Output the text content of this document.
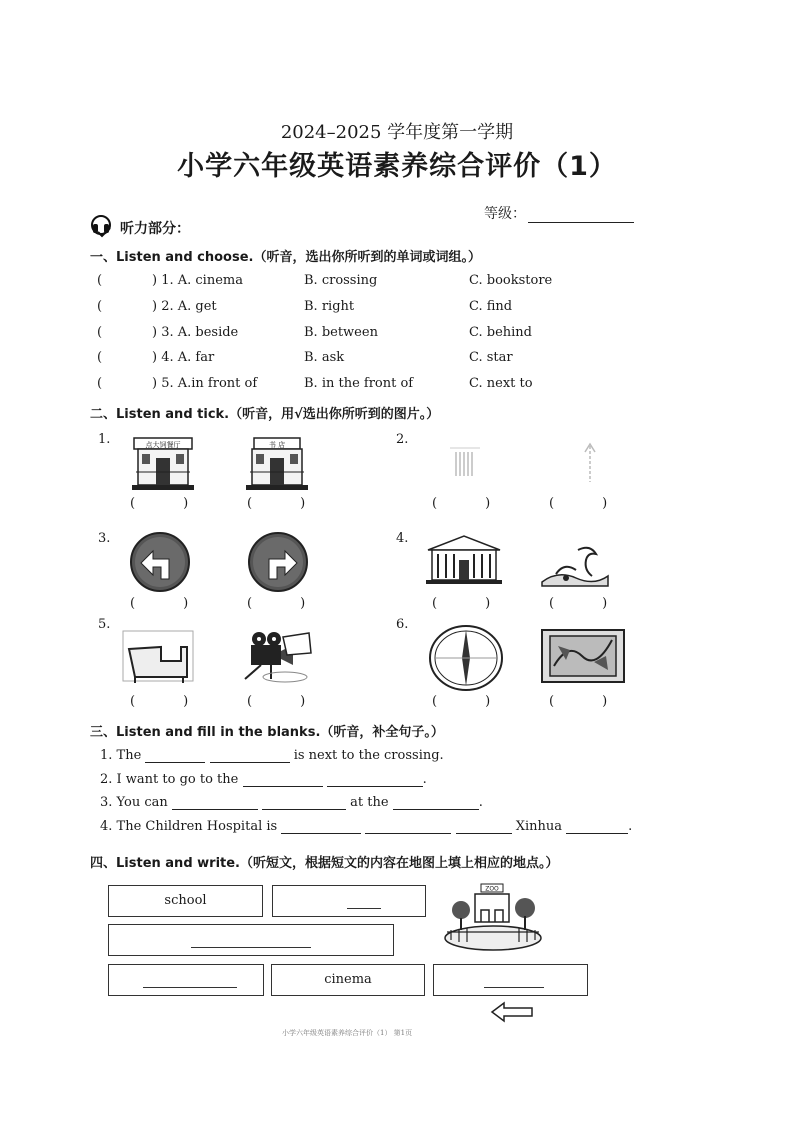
2024–2025 学年度第一学期
小学六年级英语素养综合评价（1）
听力部分：
等级：
一、Listen and choose.（听音，选出你所听到的单词或词组。）
(	) 1. A. cinema	B. crossing	C. bookstore
(	) 2. A. get	B. right	C. find
(	) 3. A. beside	B. between	C. behind
(	) 4. A. far	B. ask	C. star
(	) 5. A.in front of	B. in the front of	C. next to
二、Listen and tick.（听音，用√选出你所听到的图片。）
1.	2.
3.	4.
5.	6.
点大饲餐厅	书 店
(	)	(	)	(	)	(	)
(	)	(	)	(	)	(	)
(	)	(	)	(	)	(	)
三、Listen and fill in the blanks.（听音，补全句子。）
1. The	is next to the crossing.
2. I want to go to the	.
3. You can	at the	.
4. The Children Hospital is	Xinhua	.
四、Listen and write.（听短文，根据短文的内容在地图上填上相应的地点。）
school
cinema
ZOO
小学六年级英语素养综合评价（1） 第1页
